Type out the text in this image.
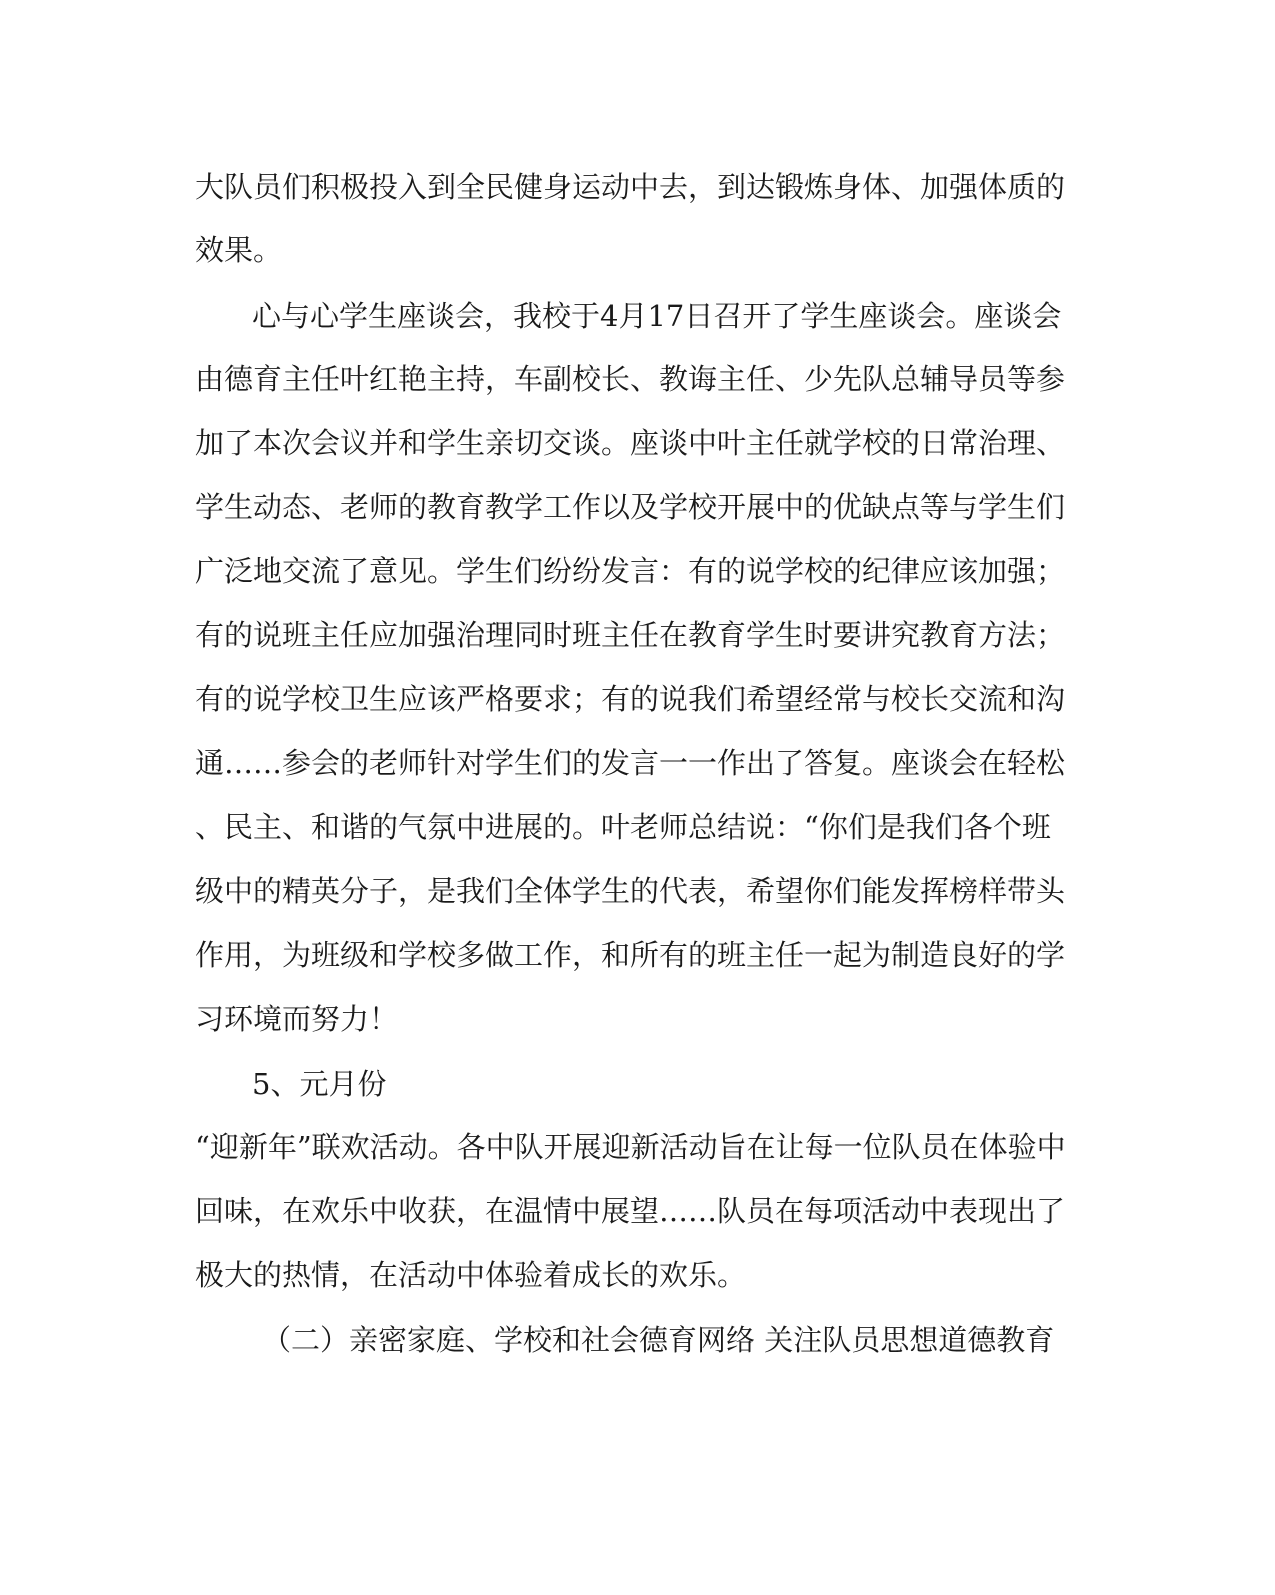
大队员们积极投入到全民健身运动中去，到达锻炼身体、加强体质的
效果。
心与心学生座谈会，我校于4月17日召开了学生座谈会。座谈会
由德育主任叶红艳主持，车副校长、教诲主任、少先队总辅导员等参
加了本次会议并和学生亲切交谈。座谈中叶主任就学校的日常治理、
学生动态、老师的教育教学工作以及学校开展中的优缺点等与学生们
广泛地交流了意见。学生们纷纷发言：有的说学校的纪律应该加强；
有的说班主任应加强治理同时班主任在教育学生时要讲究教育方法；
有的说学校卫生应该严格要求；有的说我们希望经常与校长交流和沟
通……参会的老师针对学生们的发言一一作出了答复。座谈会在轻松
、民主、和谐的气氛中进展的。叶老师总结说：“你们是我们各个班
级中的精英分子，是我们全体学生的代表，希望你们能发挥榜样带头
作用，为班级和学校多做工作，和所有的班主任一起为制造良好的学
习环境而努力！
5、元月份
“迎新年”联欢活动。各中队开展迎新活动旨在让每一位队员在体验中
回味，在欢乐中收获，在温情中展望……队员在每项活动中表现出了
极大的热情，在活动中体验着成长的欢乐。
（二）亲密家庭、学校和社会德育网络 关注队员思想道德教育
